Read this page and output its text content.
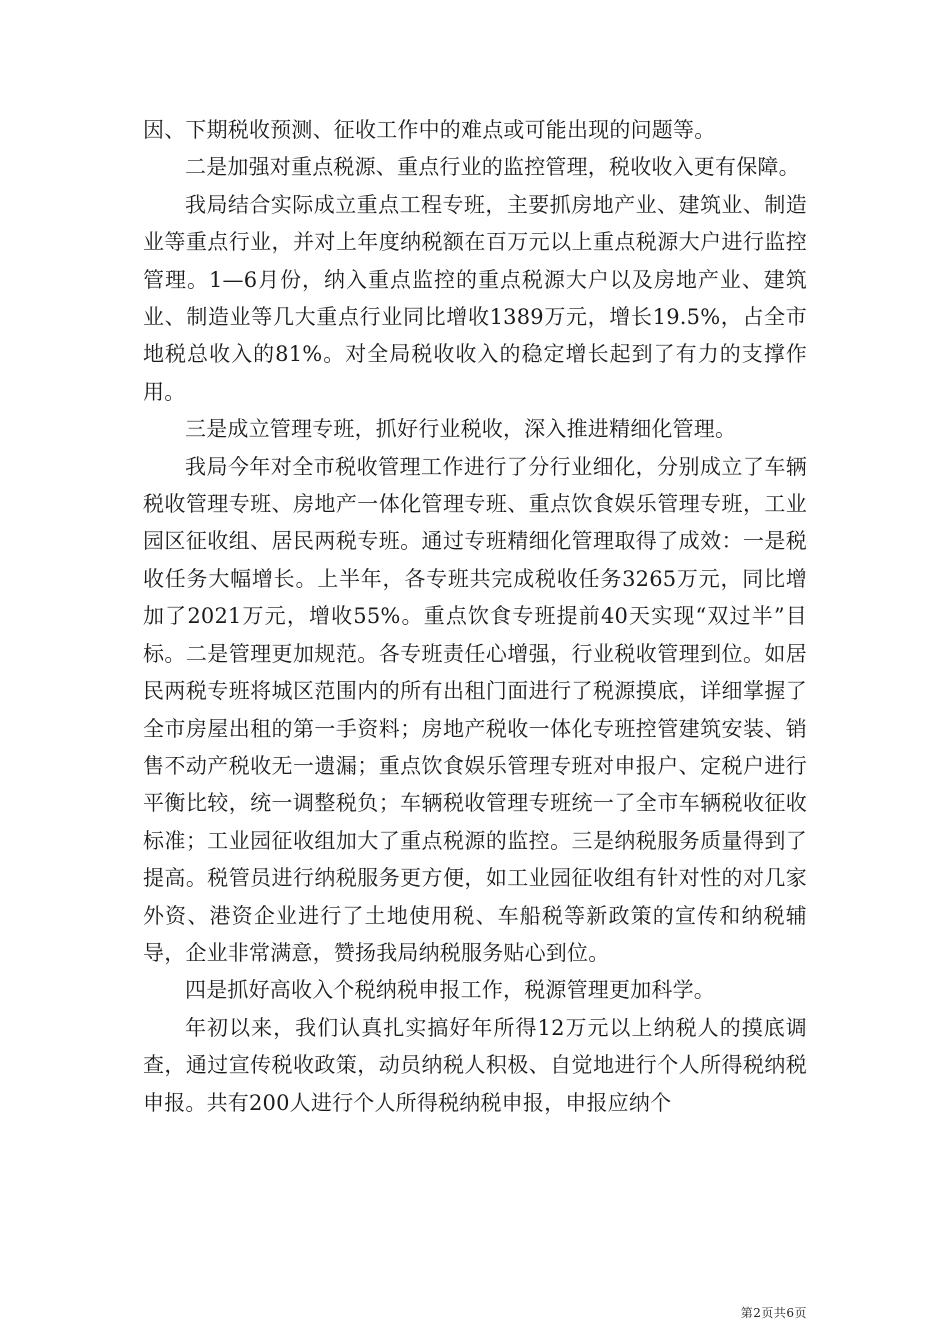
因、下期税收预测、征收工作中的难点或可能出现的问题等。

二是加强对重点税源、重点行业的监控管理，税收收入更有保障。

我局结合实际成立重点工程专班，主要抓房地产业、建筑业、制造业等重点行业，并对上年度纳税额在百万元以上重点税源大户进行监控管理。1—6月份，纳入重点监控的重点税源大户以及房地产业、建筑业、制造业等几大重点行业同比增收1389万元，增长19.5%，占全市地税总收入的81%。对全局税收收入的稳定增长起到了有力的支撑作用。

三是成立管理专班，抓好行业税收，深入推进精细化管理。

我局今年对全市税收管理工作进行了分行业细化，分别成立了车辆税收管理专班、房地产一体化管理专班、重点饮食娱乐管理专班，工业园区征收组、居民两税专班。通过专班精细化管理取得了成效：一是税收任务大幅增长。上半年，各专班共完成税收任务3265万元，同比增加了2021万元，增收55%。重点饮食专班提前40天实现“双过半”目标。二是管理更加规范。各专班责任心增强，行业税收管理到位。如居民两税专班将城区范围内的所有出租门面进行了税源摸底，详细掌握了全市房屋出租的第一手资料；房地产税收一体化专班控管建筑安装、销售不动产税收无一遗漏；重点饮食娱乐管理专班对申报户、定税户进行平衡比较，统一调整税负；车辆税收管理专班统一了全市车辆税收征收标准；工业园征收组加大了重点税源的监控。三是纳税服务质量得到了提高。税管员进行纳税服务更方便，如工业园征收组有针对性的对几家外资、港资企业进行了土地使用税、车船税等新政策的宣传和纳税辅导，企业非常满意，赞扬我局纳税服务贴心到位。

四是抓好高收入个税纳税申报工作，税源管理更加科学。

年初以来，我们认真扎实搞好年所得12万元以上纳税人的摸底调查，通过宣传税收政策，动员纳税人积极、自觉地进行个人所得税纳税申报。共有200人进行个人所得税纳税申报，申报应纳个

第2页共6页
